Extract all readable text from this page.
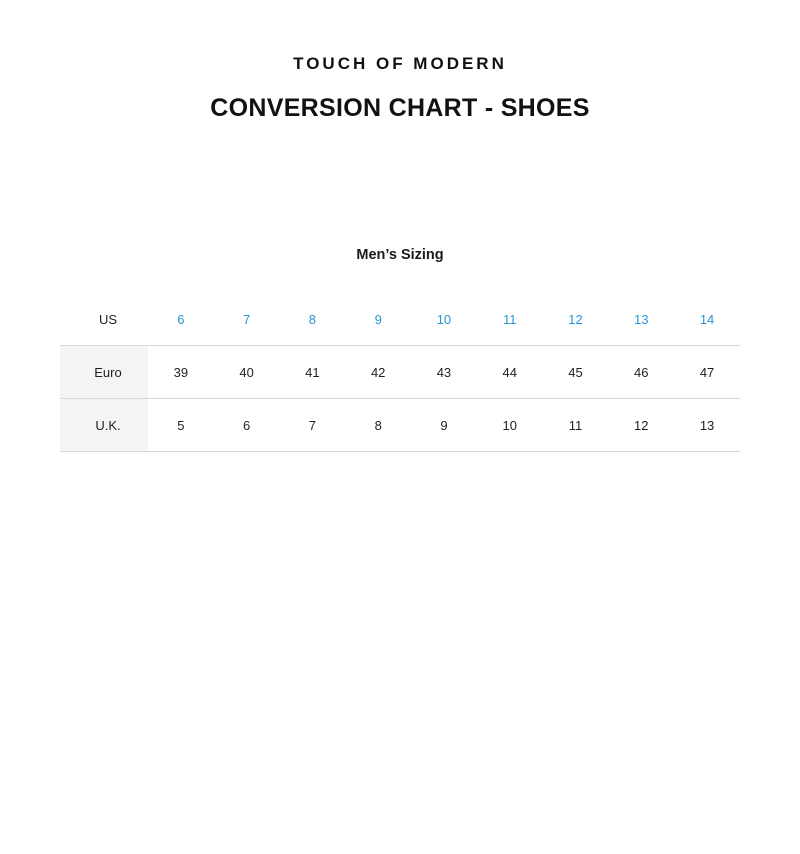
TOUCH OF MODERN
CONVERSION CHART - SHOES
Men’s Sizing
US	6	7	8	9	10	11	12	13	14
Euro	39	40	41	42	43	44	45	46	47
U.K.	5	6	7	8	9	10	11	12	13
